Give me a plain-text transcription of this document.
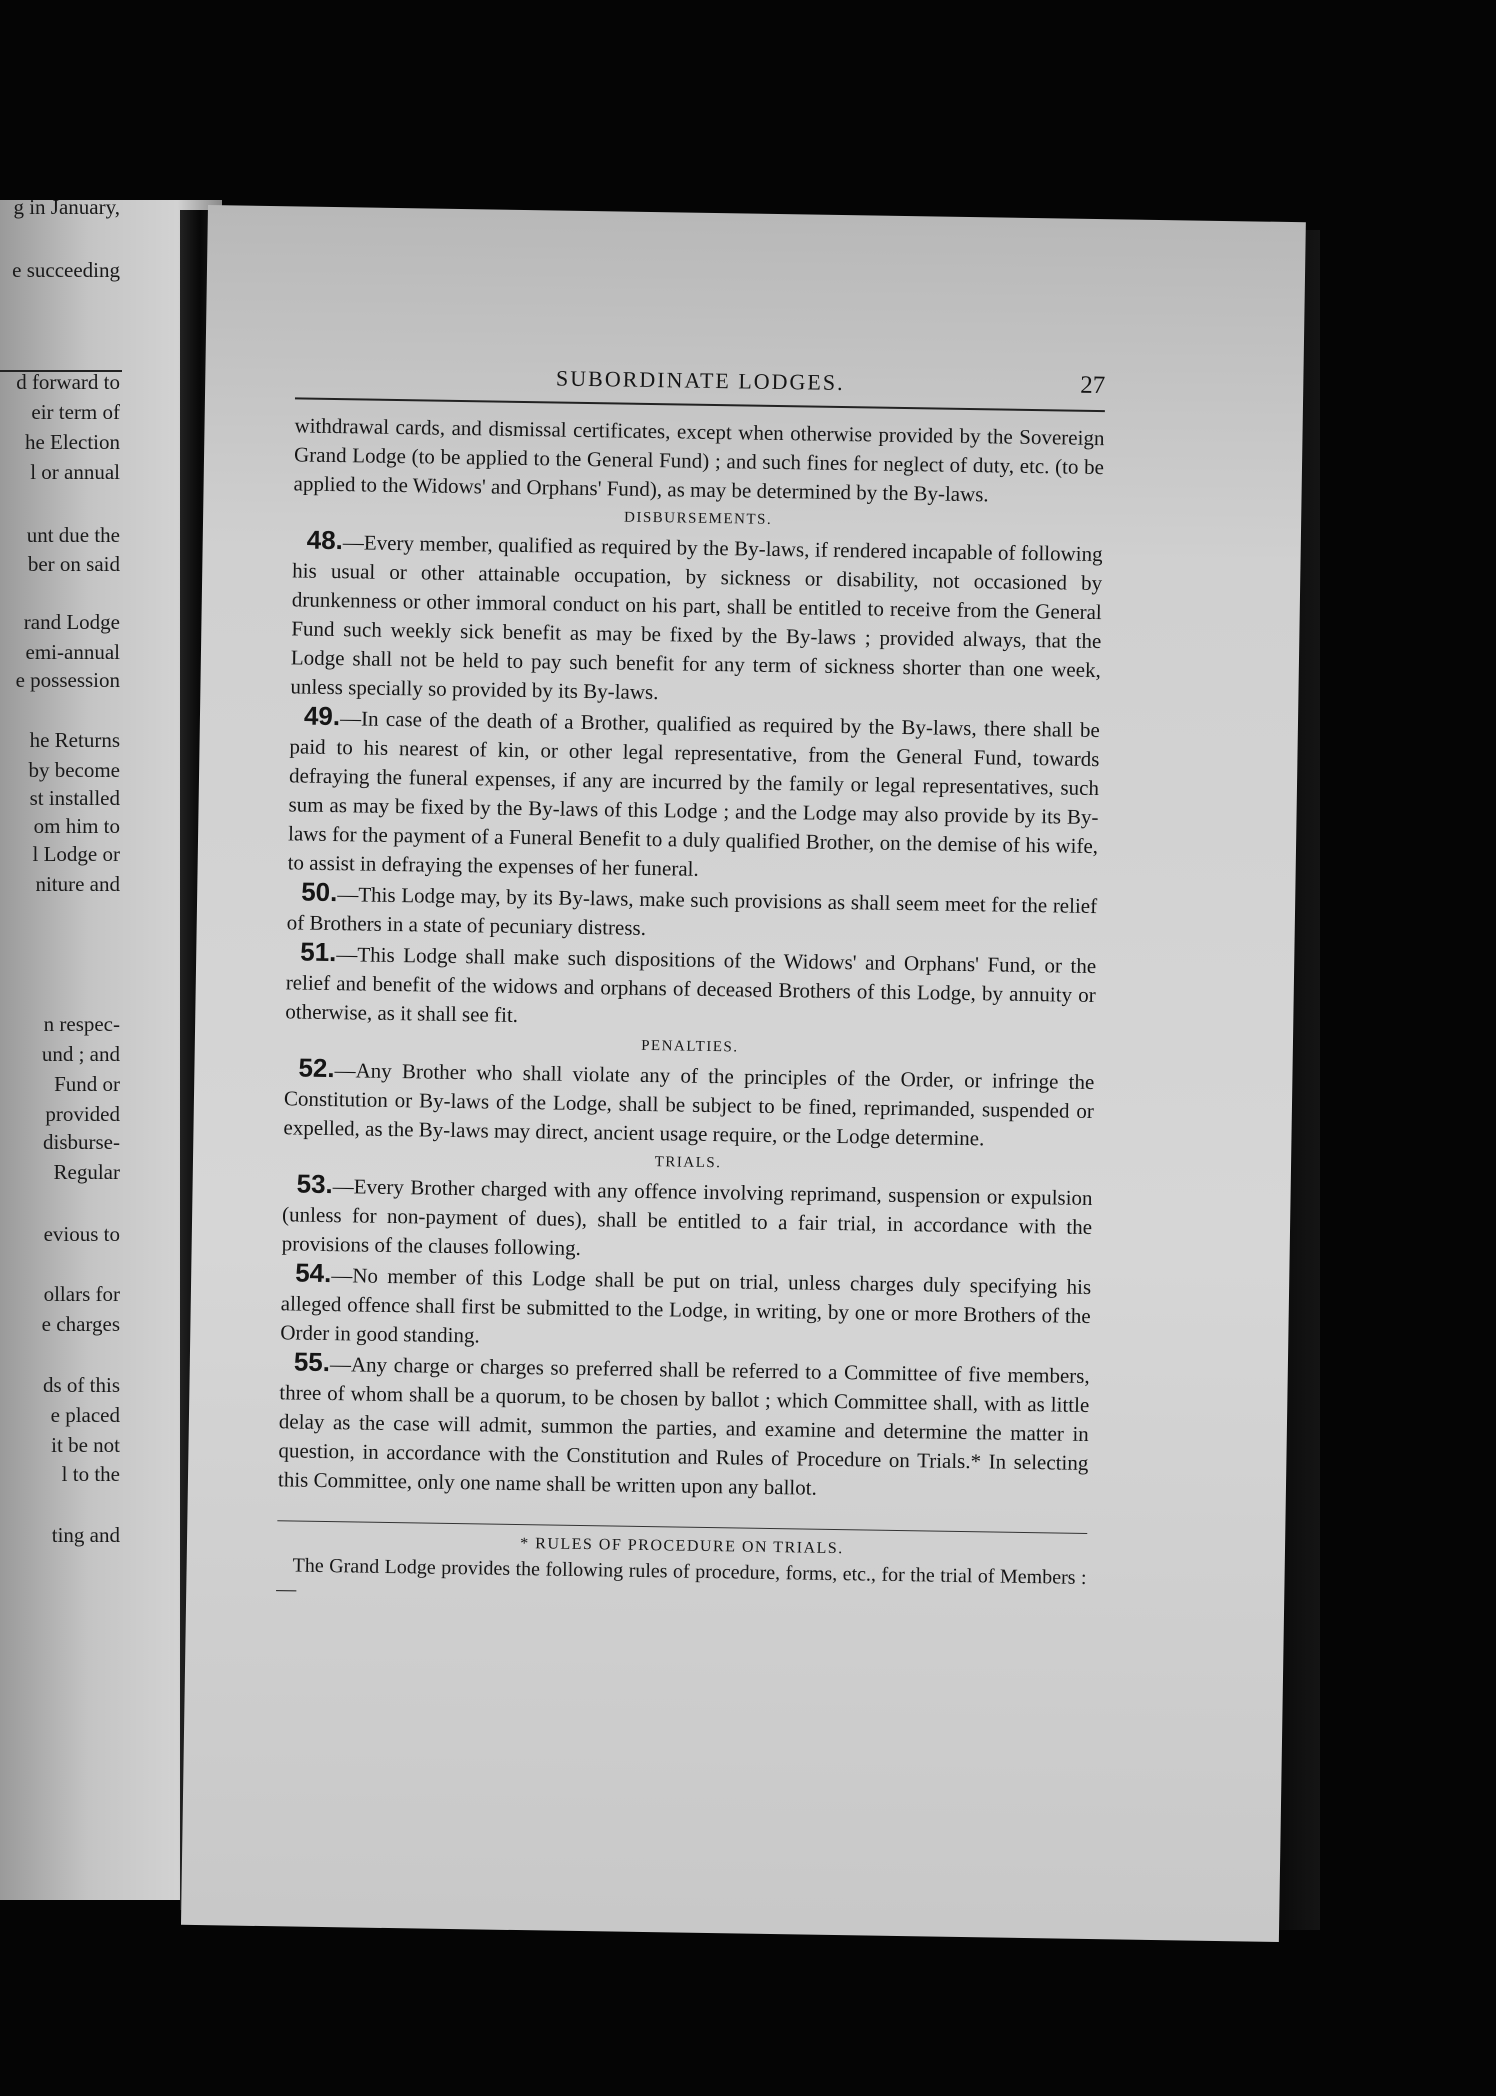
g in January,
e succeeding
d forward to
eir term of
he Election
l or annual
unt due the
ber on said
rand Lodge
emi-annual
e possession
he Returns
by become
st installed
om him to
l Lodge or
niture and
n respec-
und ; and
Fund or
provided
disburse-
Regular
evious to
ollars for
e charges
ds of this
e placed
it be not
l to the
ting and
SUBORDINATE LODGES.	27

withdrawal cards, and dismissal certificates, except when otherwise provided by the Sovereign Grand Lodge (to be applied to the General Fund) ; and such fines for neglect of duty, etc. (to be applied to the Widows' and Orphans' Fund), as may be determined by the By-laws.

DISBURSEMENTS.

48.—Every member, qualified as required by the By-laws, if rendered incapable of following his usual or other attainable occupation, by sickness or disability, not occasioned by drunkenness or other immoral conduct on his part, shall be entitled to receive from the General Fund such weekly sick benefit as may be fixed by the By-laws ; provided always, that the Lodge shall not be held to pay such benefit for any term of sickness shorter than one week, unless specially so provided by its By-laws.

49.—In case of the death of a Brother, qualified as required by the By-laws, there shall be paid to his nearest of kin, or other legal representative, from the General Fund, towards defraying the funeral expenses, if any are incurred by the family or legal representatives, such sum as may be fixed by the By-laws of this Lodge ; and the Lodge may also provide by its By-laws for the payment of a Funeral Benefit to a duly qualified Brother, on the demise of his wife, to assist in defraying the expenses of her funeral.

50.—This Lodge may, by its By-laws, make such provisions as shall seem meet for the relief of Brothers in a state of pecuniary distress.

51.—This Lodge shall make such dispositions of the Widows' and Orphans' Fund, or the relief and benefit of the widows and orphans of deceased Brothers of this Lodge, by annuity or otherwise, as it shall see fit.

PENALTIES.

52.—Any Brother who shall violate any of the principles of the Order, or infringe the Constitution or By-laws of the Lodge, shall be subject to be fined, reprimanded, suspended or expelled, as the By-laws may direct, ancient usage require, or the Lodge determine.

TRIALS.

53.—Every Brother charged with any offence involving reprimand, suspension or expulsion (unless for non-payment of dues), shall be entitled to a fair trial, in accordance with the provisions of the clauses following.

54.—No member of this Lodge shall be put on trial, unless charges duly specifying his alleged offence shall first be submitted to the Lodge, in writing, by one or more Brothers of the Order in good standing.

55.—Any charge or charges so preferred shall be referred to a Committee of five members, three of whom shall be a quorum, to be chosen by ballot ; which Committee shall, with as little delay as the case will admit, summon the parties, and examine and determine the matter in question, in accordance with the Constitution and Rules of Procedure on Trials.* In selecting this Committee, only one name shall be written upon any ballot.

* RULES OF PROCEDURE ON TRIALS.

The Grand Lodge provides the following rules of procedure, forms, etc., for the trial of Members :—
